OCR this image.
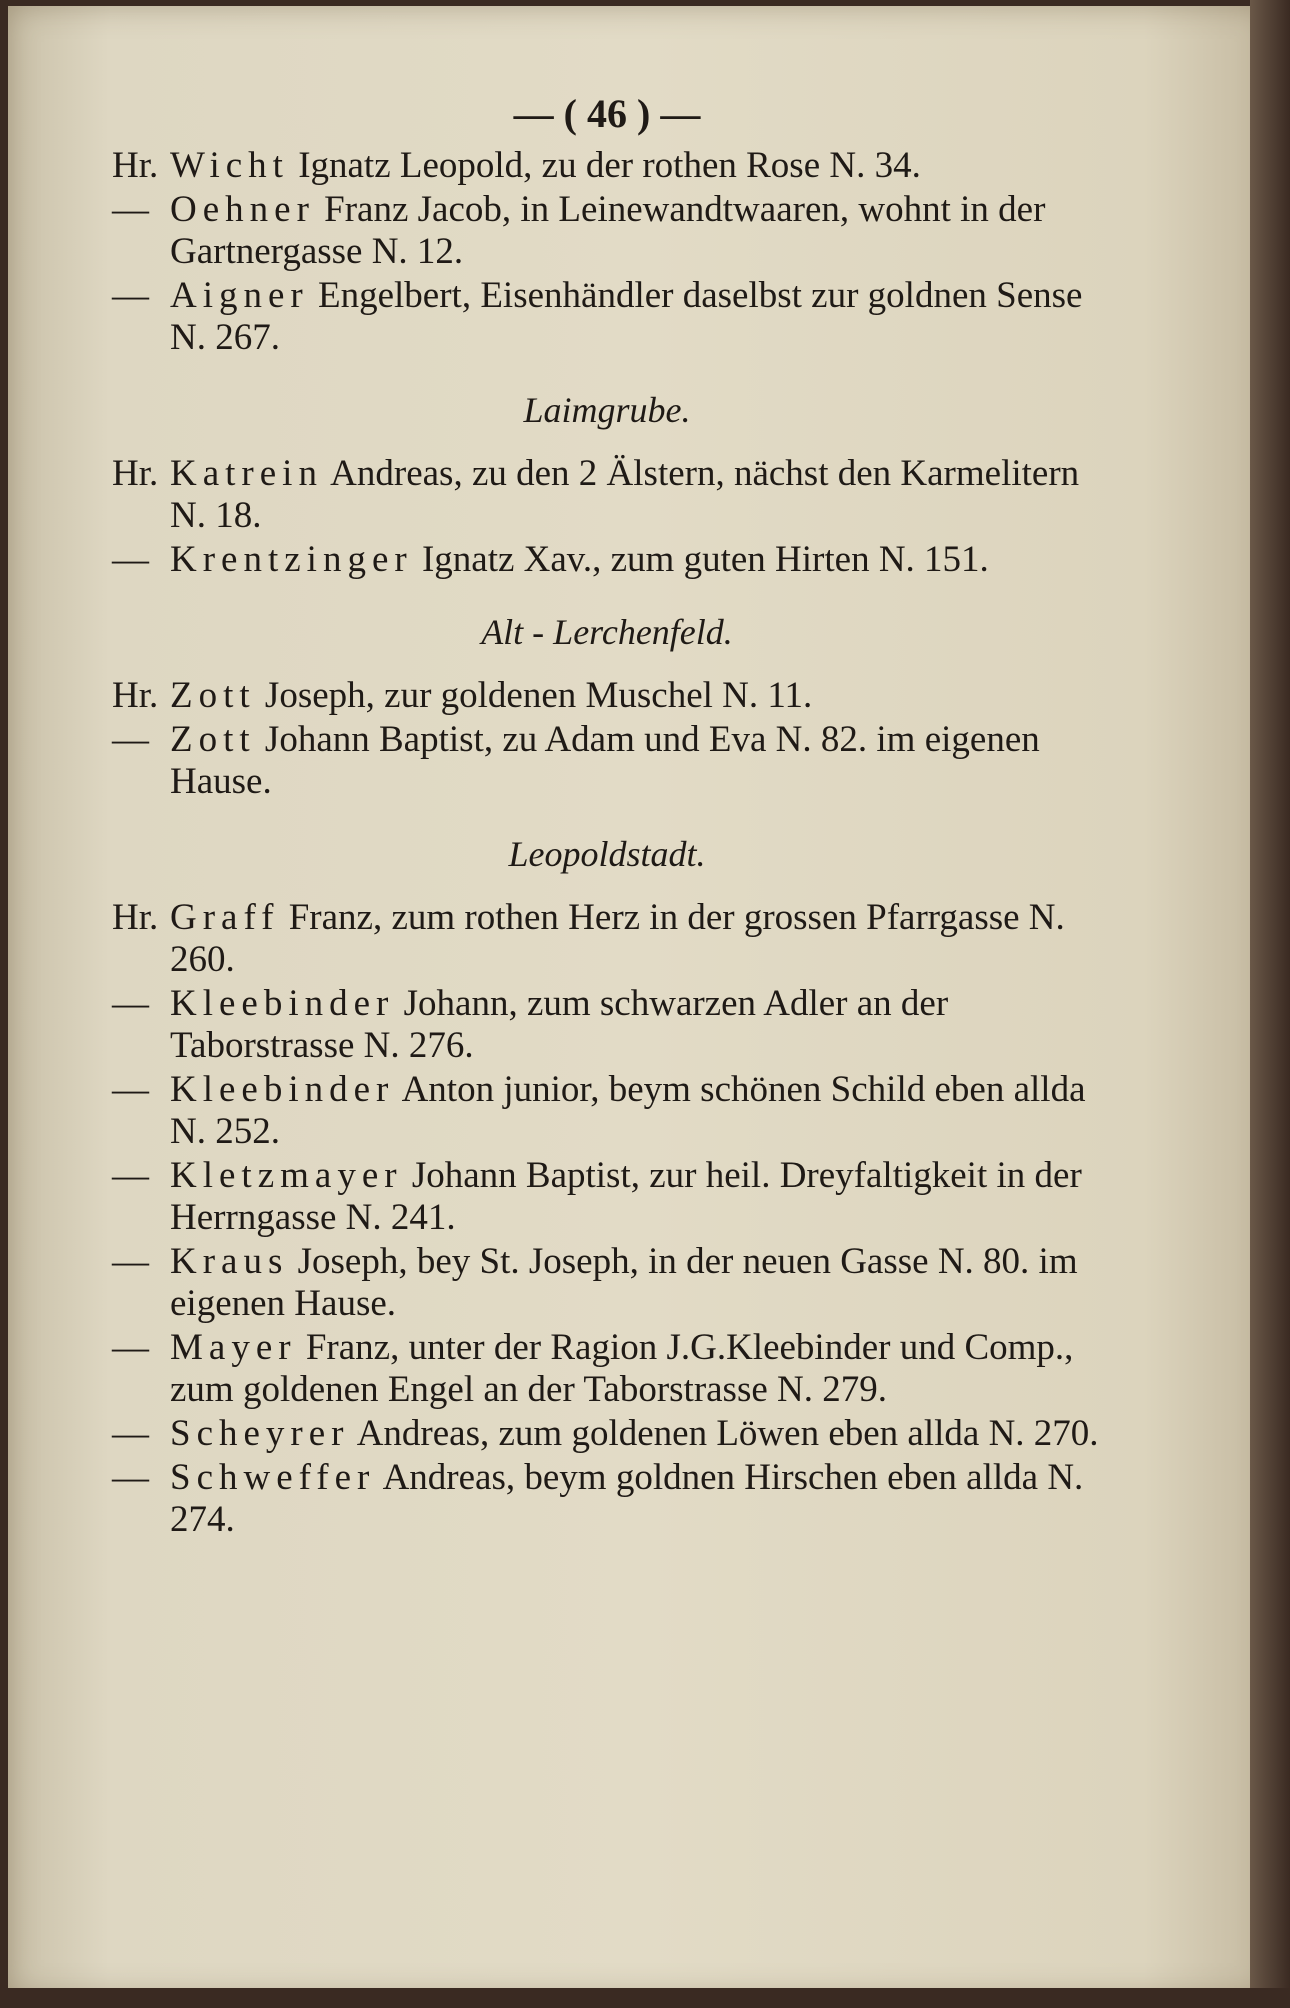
— ( 46 ) —
Hr. Wicht Ignatz Leopold, zu der rothen Rose N. 34.
— Oehner Franz Jacob, in Leinewandtwaaren, wohnt in der Gartnergasse N. 12.
— Aigner Engelbert, Eisenhändler daselbst zur goldnen Sense N. 267.
Laimgrube.
Hr. Katrein Andreas, zu den 2 Älstern, nächst den Karmelitern N. 18.
— Krentzinger Ignatz Xav., zum guten Hirten N. 151.
Alt - Lerchenfeld.
Hr. Zott Joseph, zur goldenen Muschel N. 11.
— Zott Johann Baptist, zu Adam und Eva N. 82. im eigenen Hause.
Leopoldstadt.
Hr. Graff Franz, zum rothen Herz in der grossen Pfarrgasse N. 260.
— Kleebinder Johann, zum schwarzen Adler an der Taborstrasse N. 276.
— Kleebinder Anton junior, beym schönen Schild eben allda N. 252.
— Kletzmayer Johann Baptist, zur heil. Dreyfaltigkeit in der Herrngasse N. 241.
— Kraus Joseph, bey St. Joseph, in der neuen Gasse N. 80. im eigenen Hause.
— Mayer Franz, unter der Ragion J.G.Kleebinder und Comp., zum goldenen Engel an der Taborstrasse N. 279.
— Scheyrer Andreas, zum goldenen Löwen eben allda N. 270.
— Schweffer Andreas, beym goldnen Hirschen eben allda N. 274.
